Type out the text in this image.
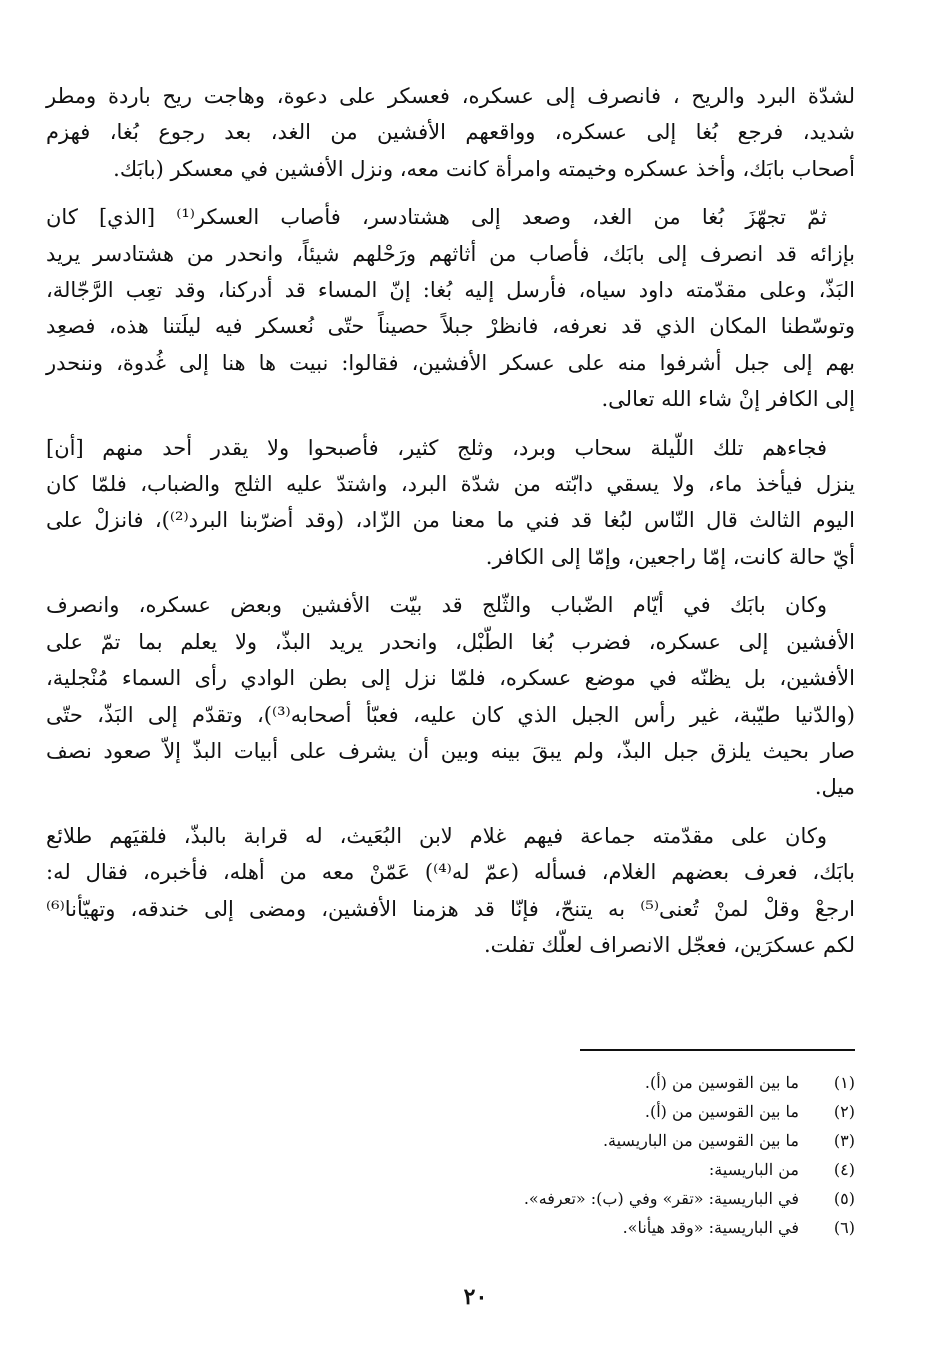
لشدّة البرد والريح ، فانصرف إلى عسكره، فعسكر على دعوة، وهاجت ريح باردة ومطر
شديد، فرجع بُغا إلى عسكره، وواقعهم الأفشين من الغد، بعد رجوع بُغا، فهزم
أصحاب بابَك، وأخذ عسكره وخيمته وامرأة كانت معه، ونزل الأفشين في معسكر (بابَك.

ثمّ تجهّزَ بُغا من الغد، وصعد إلى هشتادسر، فأصاب العسكر⁽¹⁾ [الذي] كان
بإزائه قد انصرف إلى بابَك، فأصاب من أثاثهم ورَحْلهم شيئاً، وانحدر من هشتادسر يريد
البَذّ، وعلى مقدّمته داود سياه، فأرسل إليه بُغا: إنّ المساء قد أدركنا، وقد تعِب الرَّجّالة،
وتوسّطنا المكان الذي قد نعرفه، فانظرْ جبلاً حصيناً حتّى نُعسكر فيه ليلَتنا هذه، فصعِد
بهم إلى جبل أشرفوا منه على عسكر الأفشين، فقالوا: نبيت ها هنا إلى غُدوة، وننحدر
إلى الكافر إنْ شاء الله تعالى.

فجاءهم تلك اللّيلة سحاب وبرد، وثلج كثير، فأصبحوا ولا يقدر أحد منهم [أن]
ينزل فيأخذ ماء، ولا يسقي دابّته من شدّة البرد، واشتدّ عليه الثلج والضباب، فلمّا كان
اليوم الثالث قال النّاس لبُغا قد فني ما معنا من الزّاد، (وقد أضرّبنا البرد⁽²⁾)، فانزلْ على
أيّ حالة كانت، إمّا راجعين، وإمّا إلى الكافر.

وكان بابَك في أيّام الضّباب والثّلج قد بيّت الأفشين وبعض عسكره، وانصرف
الأفشين إلى عسكره، فضرب بُغا الطّبْل، وانحدر يريد البذّ، ولا يعلم بما تمّ على
الأفشين، بل يظنّه في موضع عسكره، فلمّا نزل إلى بطن الوادي رأى السماء مُنْجلية،
(والدّنيا طيّبة، غير رأس الجبل الذي كان عليه، فعبّأ أصحابه⁽³⁾)، وتقدّم إلى البَذّ، حتّى
صار بحيث يلزق جبل البذّ، ولم يبقَ بينه وبين أن يشرف على أبيات البذّ إلاّ صعود نصف
ميل.

وكان على مقدّمته جماعة فيهم غلام لابن البُعَيث، له قرابة بالبذّ، فلقيَهم طلائع
بابَك، فعرف بعضهم الغلام، فسأله (عمّ له⁽⁴⁾) عَمّنْ معه من أهله، فأخبره، فقال له:
ارجعْ وقلْ لمنْ تُعنى⁽⁵⁾ به يتنحّ، فإنّا قد هزمنا الأفشين، ومضى إلى خندقه، وتهيّأنا⁽⁶⁾
لكم عسكرَين، فعجّل الانصراف لعلّك تفلت.

(١)
ما بين القوسين من (أ).
(٢)
ما بين القوسين من (أ).
(٣)
ما بين القوسين من الباريسية.
(٤)
من الباريسية:
(٥)
في الباريسية: «تقر» وفي (ب): «تعرفه».
(٦)
في الباريسية: «وقد هيأنا».
٢٠
